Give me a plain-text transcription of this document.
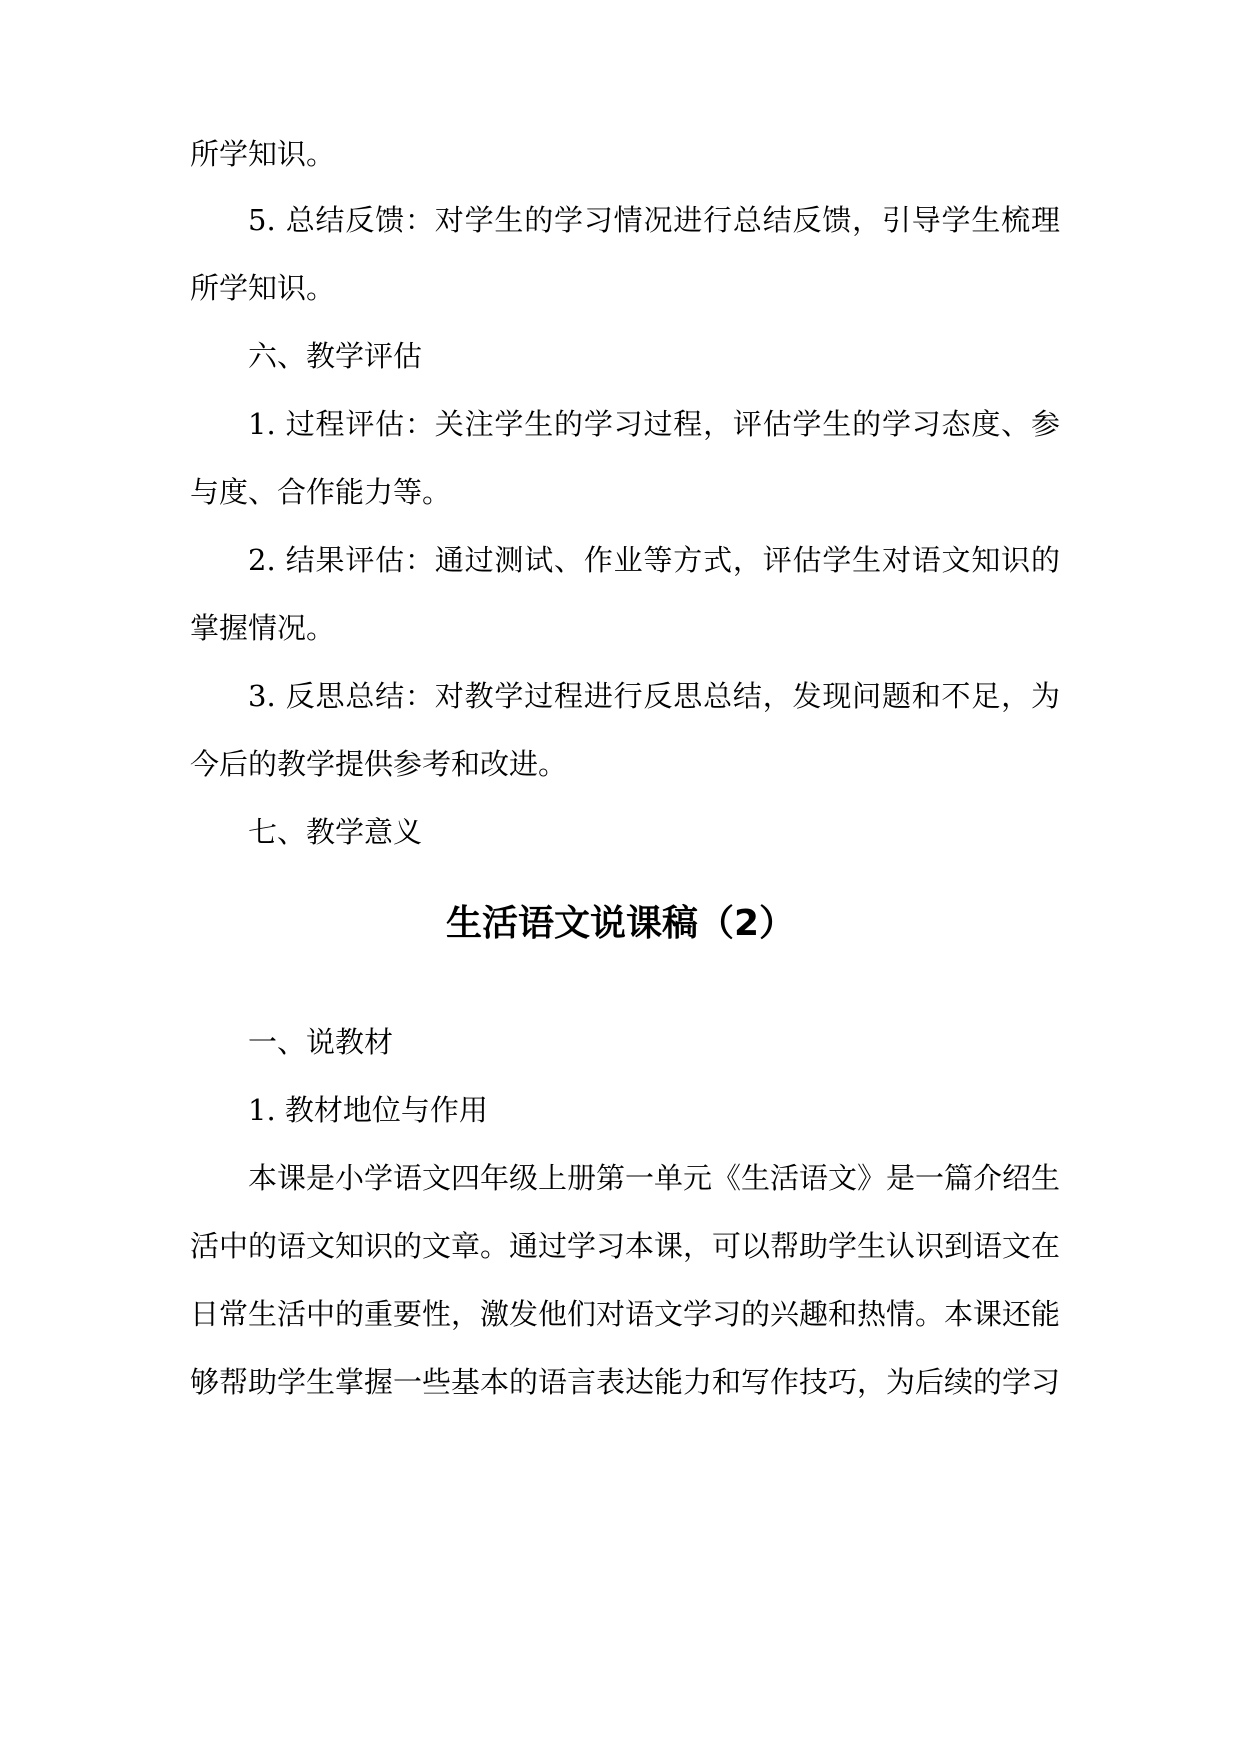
所学知识。
5. 总结反馈：对学生的学习情况进行总结反馈，引导学生梳理
所学知识。
六、教学评估
1. 过程评估：关注学生的学习过程，评估学生的学习态度、参
与度、合作能力等。
2. 结果评估：通过测试、作业等方式，评估学生对语文知识的
掌握情况。
3. 反思总结：对教学过程进行反思总结，发现问题和不足，为
今后的教学提供参考和改进。
七、教学意义
生活语文说课稿（2）
一、说教材
1. 教材地位与作用
本课是小学语文四年级上册第一单元《生活语文》是一篇介绍生
活中的语文知识的文章。通过学习本课，可以帮助学生认识到语文在
日常生活中的重要性，激发他们对语文学习的兴趣和热情。本课还能
够帮助学生掌握一些基本的语言表达能力和写作技巧，为后续的学习
